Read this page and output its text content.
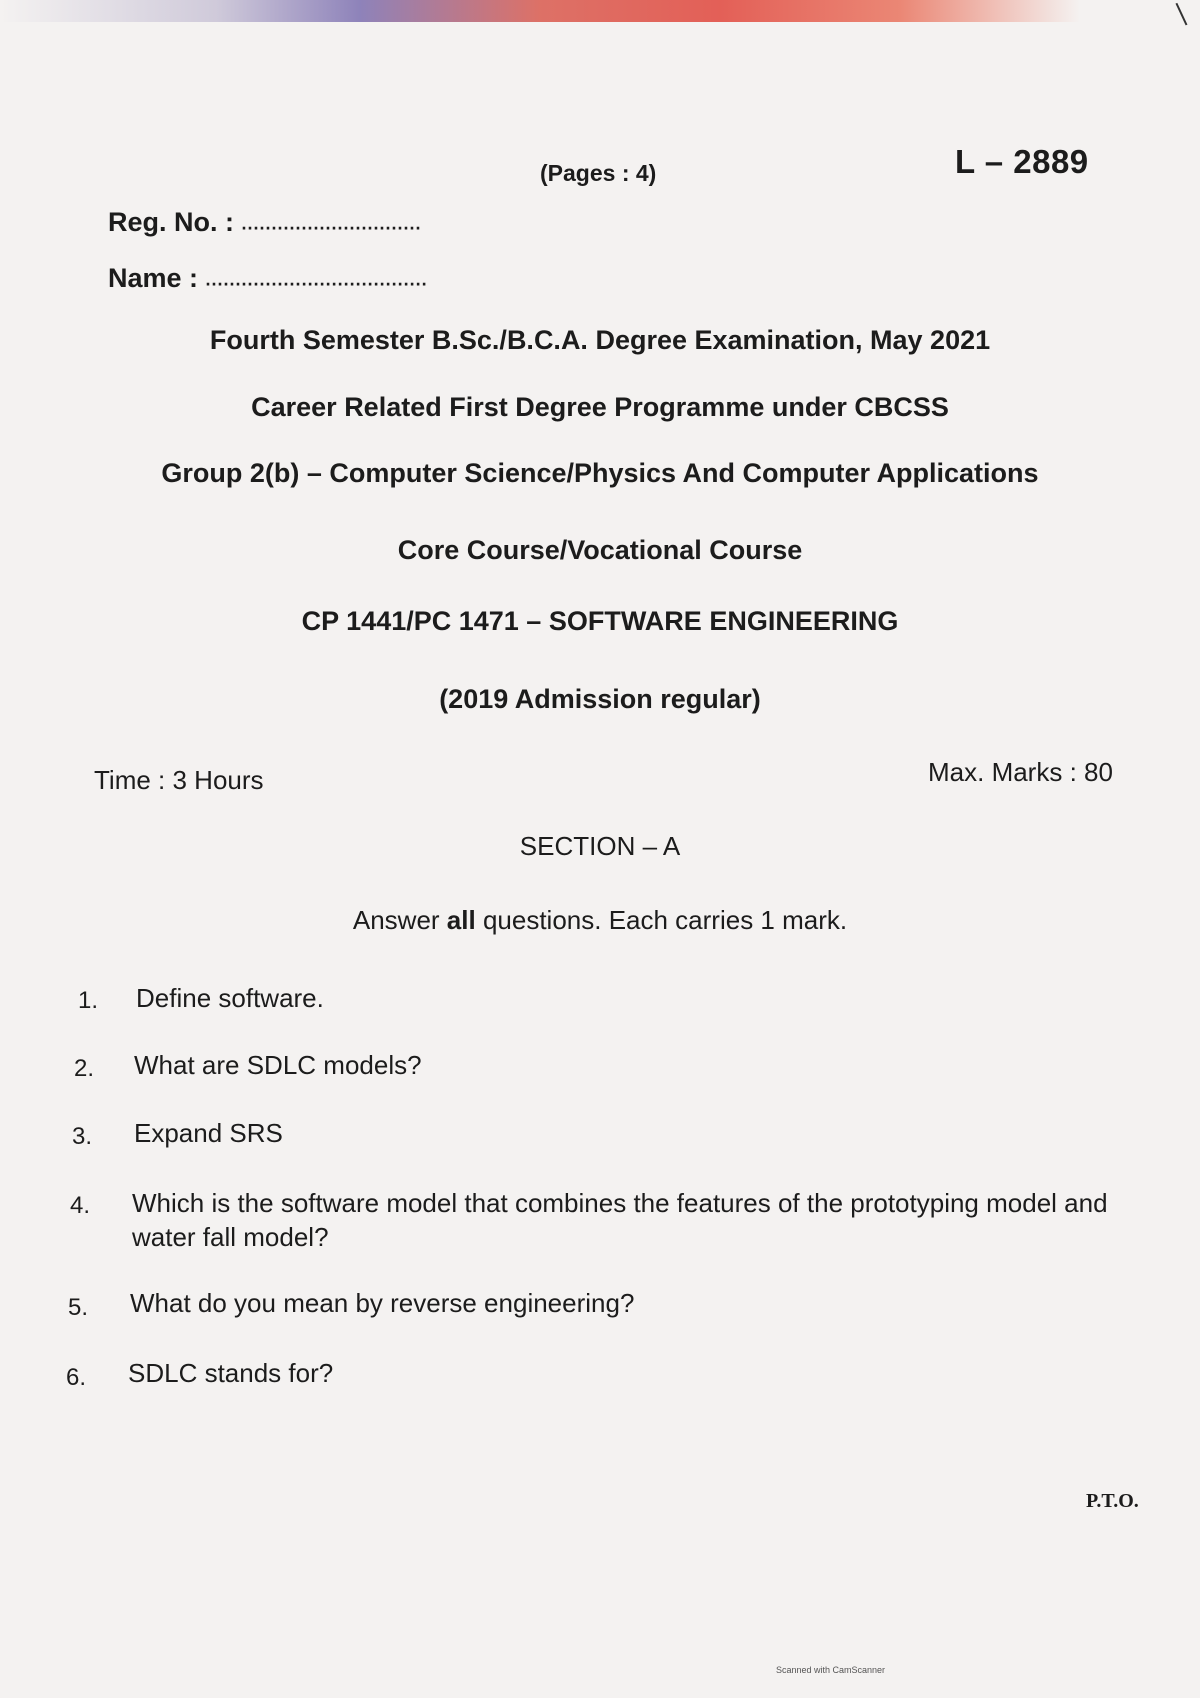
(Pages : 4)	L – 2889
Reg. No. : ..............................
Name : .....................................
Fourth Semester B.Sc./B.C.A. Degree Examination, May 2021
Career Related First Degree Programme under CBCSS
Group 2(b) – Computer Science/Physics And Computer Applications
Core Course/Vocational Course
CP 1441/PC 1471 – SOFTWARE ENGINEERING
(2019 Admission regular)
Time : 3 Hours	Max. Marks : 80
SECTION – A
Answer all questions. Each carries 1 mark.
1. Define software.
2. What are SDLC models?
3. Expand SRS
4. Which is the software model that combines the features of the prototyping model and water fall model?
5. What do you mean by reverse engineering?
6. SDLC stands for?
P.T.O.
Scanned with CamScanner
